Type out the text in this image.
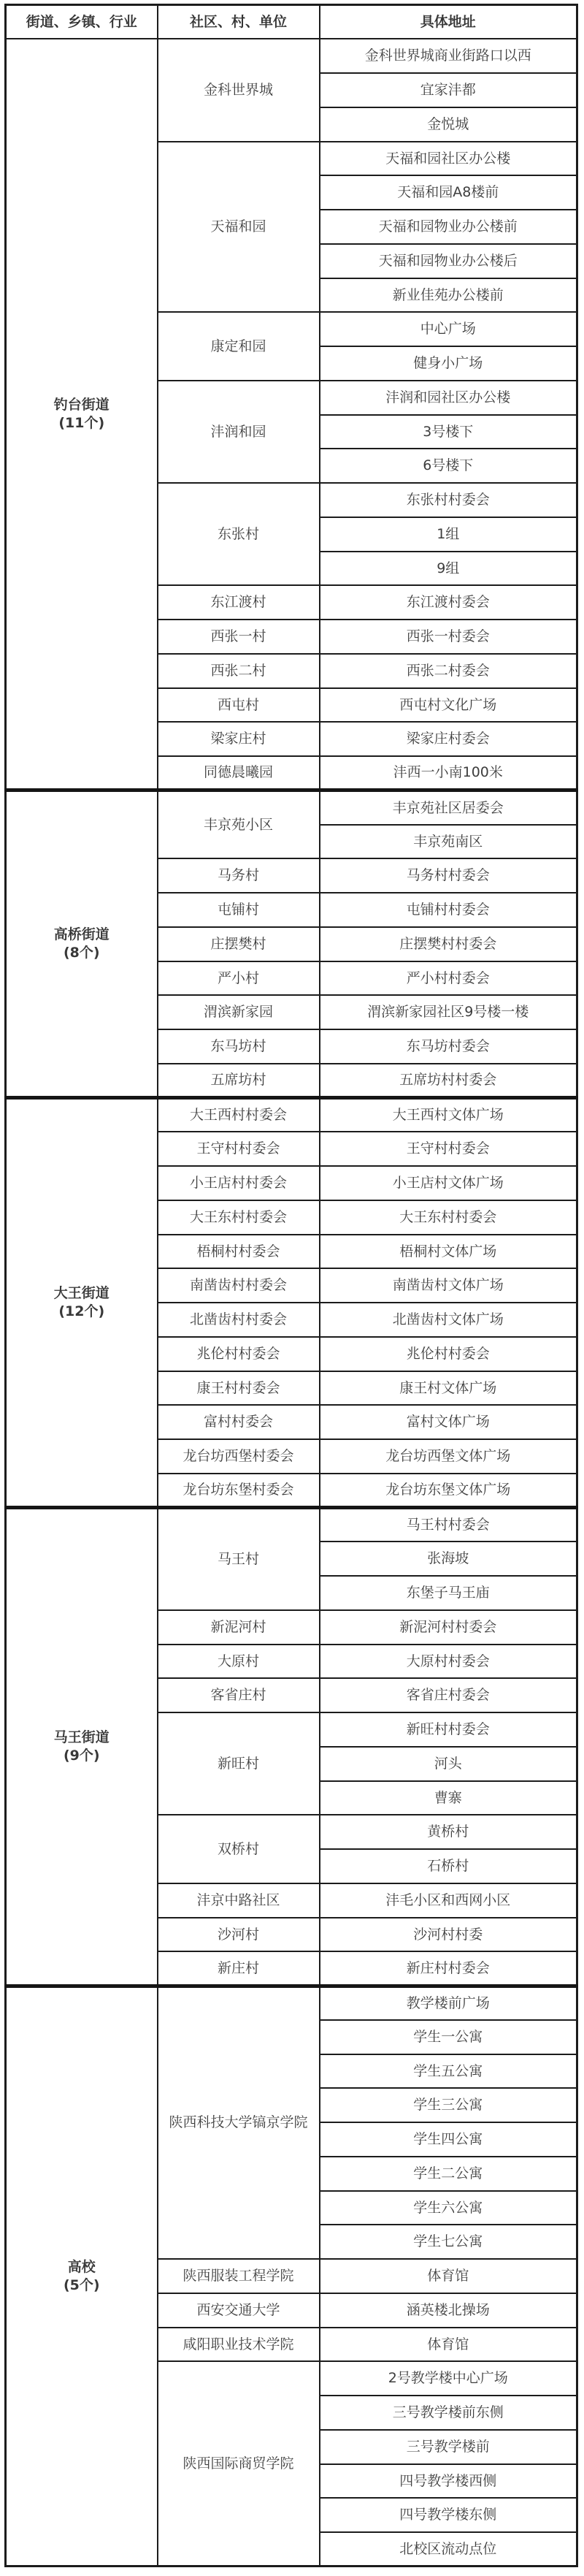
街道、乡镇、行业	社区、村、单位	具体地址

钓台街道
(11个)	金科世界城	金科世界城商业街路口以西
		宜家沣都
		金悦城
	天福和园	天福和园社区办公楼
		天福和园A8楼前
		天福和园物业办公楼前
		天福和园物业办公楼后
		新业佳苑办公楼前
	康定和园	中心广场
		健身小广场
	沣润和园	沣润和园社区办公楼
		3号楼下
		6号楼下
	东张村	东张村村委会
		1组
		9组
	东江渡村	东江渡村委会
	西张一村	西张一村委会
	西张二村	西张二村委会
	西屯村	西屯村文化广场
	梁家庄村	梁家庄村委会
	同德晨曦园	沣西一小南100米

高桥街道
(8个)	丰京苑小区	丰京苑社区居委会
		丰京苑南区
	马务村	马务村村委会
	屯铺村	屯铺村村委会
	庄摆樊村	庄摆樊村村委会
	严小村	严小村村委会
	渭滨新家园	渭滨新家园社区9号楼一楼
	东马坊村	东马坊村委会
	五席坊村	五席坊村村委会

大王街道
(12个)	大王西村村委会	大王西村文体广场
	王守村村委会	王守村村委会
	小王店村村委会	小王店村文体广场
	大王东村村委会	大王东村村委会
	梧桐村村委会	梧桐村文体广场
	南凿齿村村委会	南凿齿村文体广场
	北凿齿村村委会	北凿齿村文体广场
	兆伦村村委会	兆伦村村委会
	康王村村委会	康王村文体广场
	富村村委会	富村文体广场
	龙台坊西堡村委会	龙台坊西堡文体广场
	龙台坊东堡村委会	龙台坊东堡文体广场

马王街道
(9个)	马王村	马王村村委会
		张海坡
		东堡子马王庙
	新泥河村	新泥河村村委会
	大原村	大原村村委会
	客省庄村	客省庄村委会
	新旺村	新旺村村委会
		河头
		曹寨
	双桥村	黄桥村
		石桥村
	沣京中路社区	沣毛小区和西网小区
	沙河村	沙河村村委
	新庄村	新庄村村委会

高校
(5个)	陕西科技大学镐京学院	教学楼前广场
		学生一公寓
		学生五公寓
		学生三公寓
		学生四公寓
		学生二公寓
		学生六公寓
		学生七公寓
	陕西服装工程学院	体育馆
	西安交通大学	涵英楼北操场
	咸阳职业技术学院	体育馆
	陕西国际商贸学院	2号教学楼中心广场
		三号教学楼前东侧
		三号教学楼前
		四号教学楼西侧
		四号教学楼东侧
		北校区流动点位
